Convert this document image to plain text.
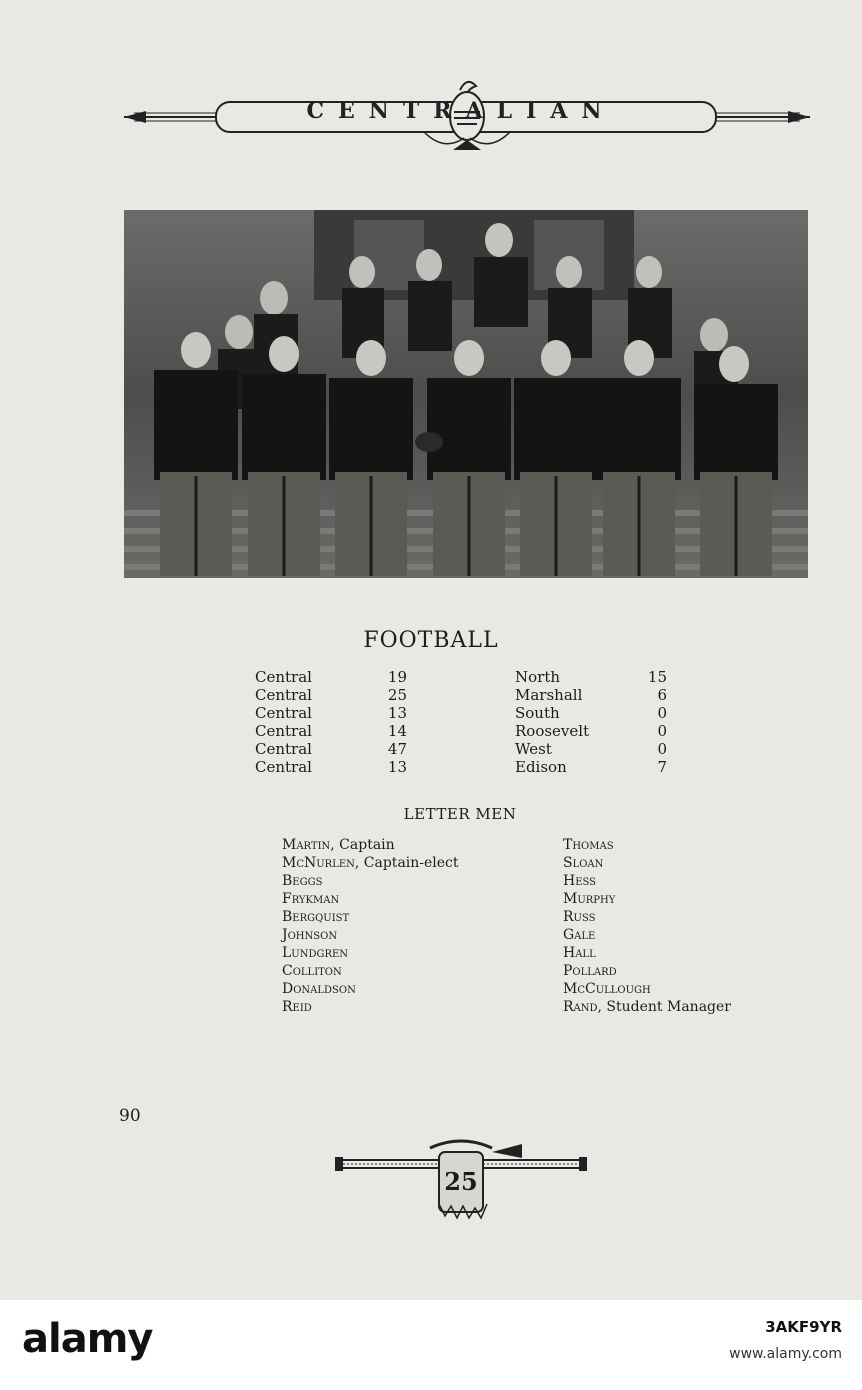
CENTRALIAN
FOOTBALL
Central	19	North	15
Central	25	Marshall	6
Central	13	South	0
Central	14	Roosevelt	0
Central	47	West	0
Central	13	Edison	7
LETTER MEN
Martin, Captain
McNurlen, Captain-elect
Beggs
Frykman
Bergquist
Johnson
Lundgren
Colliton
Donaldson
Reid
Thomas
Sloan
Hess
Murphy
Russ
Gale
Hall
Pollard
McCullough
Rand, Student Manager
90
25
alamy	3AKF9YR
www.alamy.com
